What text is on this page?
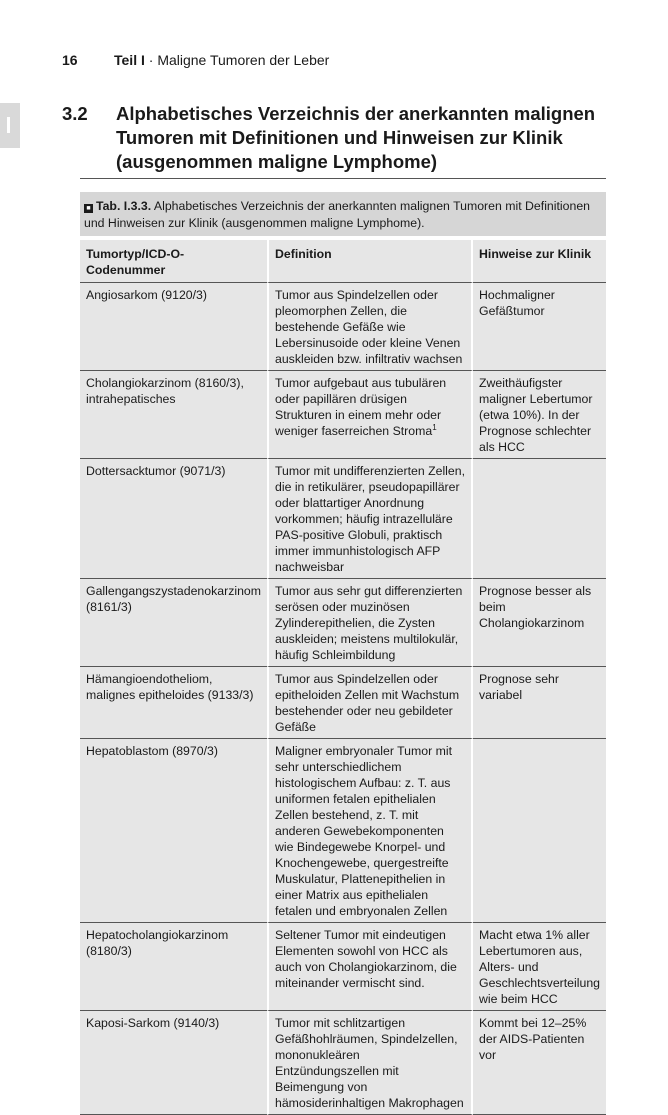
16	Teil I · Maligne Tumoren der Leber
3.2 Alphabetisches Verzeichnis der anerkannten malignen Tumoren mit Definitionen und Hinweisen zur Klinik (ausgenommen maligne Lymphome)
■ Tab. I.3.3. Alphabetisches Verzeichnis der anerkannten malignen Tumoren mit Definitionen und Hinweisen zur Klinik (ausgenommen maligne Lymphome).
Tumortyp/ICD-O-Codenummer	Definition	Hinweise zur Klinik
Angiosarkom (9120/3)	Tumor aus Spindelzellen oder pleomorphen Zellen, die bestehende Gefäße wie Lebersinusoide oder kleine Venen auskleiden bzw. infiltrativ wachsen	Hochmaligner Gefäßtumor
Cholangiokarzinom (8160/3), intrahepatisches	Tumor aufgebaut aus tubulären oder papillären drüsigen Strukturen in einem mehr oder weniger faserreichen Stroma$^1$	Zweithäufigster maligner Lebertumor (etwa 10%). In der Prognose schlechter als HCC
Dottersacktumor (9071/3)	Tumor mit undifferenzierten Zellen, die in retikulärer, pseudopapillärer oder blattartiger Anordnung vorkommen; häufig intrazelluläre PAS-positive Globuli, praktisch immer immunhistologisch AFP nachweisbar	
Gallengangszystadenokarzinom (8161/3)	Tumor aus sehr gut differenzierten serösen oder muzinösen Zylinderepithelien, die Zysten auskleiden; meistens multilokulär, häufig Schleimbildung	Prognose besser als beim Cholangiokarzinom
Hämangioendotheliom, malignes epitheloides (9133/3)	Tumor aus Spindelzellen oder epitheloiden Zellen mit Wachstum bestehender oder neu gebildeter Gefäße	Prognose sehr variabel
Hepatoblastom (8970/3)	Maligner embryonaler Tumor mit sehr unterschiedlichem histologischem Aufbau: z. T. aus uniformen fetalen epithelialen Zellen bestehend, z. T. mit anderen Gewebekomponenten wie Bindegewebe Knorpel- und Knochengewebe, quergestreifte Muskulatur, Plattenepithelien in einer Matrix aus epithelialen fetalen und embryonalen Zellen	
Hepatocholangiokarzinom (8180/3)	Seltener Tumor mit eindeutigen Elementen sowohl von HCC als auch von Cholangiokarzinom, die miteinander vermischt sind.	Macht etwa 1% aller Lebertumoren aus, Alters- und Geschlechtsverteilung wie beim HCC
Kaposi-Sarkom (9140/3)	Tumor mit schlitzartigen Gefäßhohlräumen, Spindelzellen, mononukleären Entzündungszellen mit Beimengung von hämosiderinhaltigen Makrophagen	Kommt bei 12–25% der AIDS-Patienten vor
